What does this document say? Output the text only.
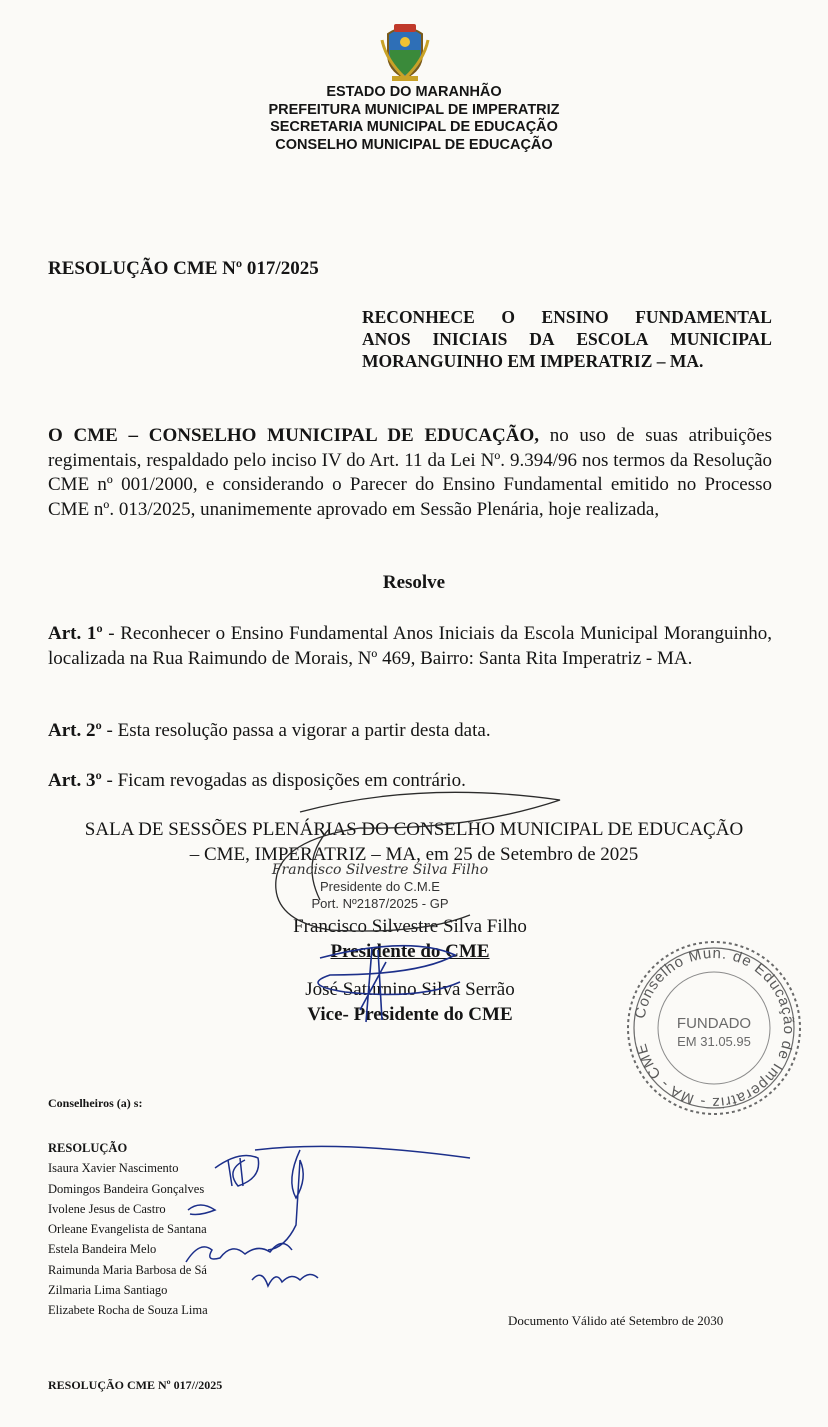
ESTADO DO MARANHÃO
PREFEITURA MUNICIPAL DE IMPERATRIZ
SECRETARIA MUNICIPAL DE EDUCAÇÃO
CONSELHO MUNICIPAL DE EDUCAÇÃO
RESOLUÇÃO CME Nº 017/2025
RECONHECE O ENSINO FUNDAMENTAL
ANOS INICIAIS DA ESCOLA MUNICIPAL
MORANGUINHO EM IMPERATRIZ – MA.
O CME – CONSELHO MUNICIPAL DE EDUCAÇÃO, no uso de suas atribuições regimentais, respaldado pelo inciso IV do Art. 11 da Lei Nº. 9.394/96 nos termos da Resolução CME nº 001/2000, e considerando o Parecer do Ensino Fundamental emitido no Processo CME nº. 013/2025, unanimemente aprovado em Sessão Plenária, hoje realizada,
Resolve
Art. 1º - Reconhecer o Ensino Fundamental Anos Iniciais da Escola Municipal Moranguinho, localizada na Rua Raimundo de Morais, Nº 469, Bairro: Santa Rita Imperatriz - MA.
Art. 2º - Esta resolução passa a vigorar a partir desta data.
Art. 3º - Ficam revogadas as disposições em contrário.
SALA DE SESSÕES PLENÁRIAS DO CONSELHO MUNICIPAL DE EDUCAÇÃO
– CME, IMPERATRIZ – MA, em 25 de Setembro de 2025
Francisco Silvestre Silva Filho
Presidente do C.M.E
Port. Nº2187/2025 - GP
Francisco Silvestre Silva Filho
Presidente do CME
José Saturnino Silva Serrão
Vice- Presidente do CME	Conselho Mun. de Educação de Imperatriz - MA - CME
FUNDADO
EM 31.05.95
Conselheiros (a) s:
RESOLUÇÃO
Isaura Xavier Nascimento
Domingos Bandeira Gonçalves
Ivolene Jesus de Castro
Orleane Evangelista de Santana
Estela Bandeira Melo
Raimunda Maria Barbosa de Sá
Zilmaria Lima Santiago
Elizabete Rocha de Souza Lima
Documento Válido até Setembro de 2030
RESOLUÇÃO CME Nº 017//2025
